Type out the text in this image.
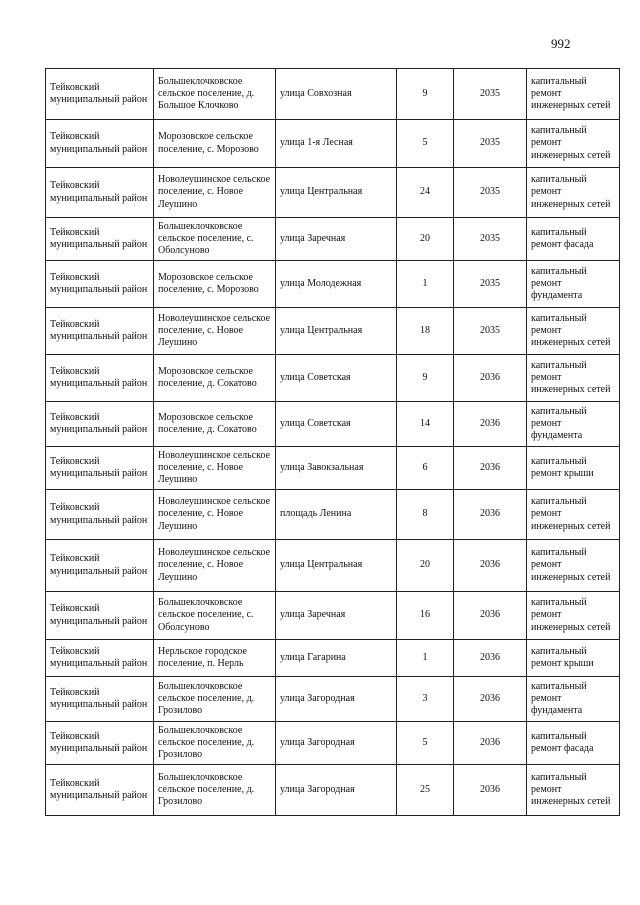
992
Тейковский муниципальный район	Большеклочковское сельское поселение, д. Большое Клочково	улица Совхозная	9	2035	капитальный ремонт инженерных сетей
Тейковский муниципальный район	Морозовское сельское поселение, с. Морозово	улица 1-я Лесная	5	2035	капитальный ремонт инженерных сетей
Тейковский муниципальный район	Новолеушинское сельское поселение, с. Новое Леушино	улица Центральная	24	2035	капитальный ремонт инженерных сетей
Тейковский муниципальный район	Большеклочковское сельское поселение, с. Оболсуново	улица Заречная	20	2035	капитальный ремонт фасада
Тейковский муниципальный район	Морозовское сельское поселение, с. Морозово	улица Молодежная	1	2035	капитальный ремонт фундамента
Тейковский муниципальный район	Новолеушинское сельское поселение, с. Новое Леушино	улица Центральная	18	2035	капитальный ремонт инженерных сетей
Тейковский муниципальный район	Морозовское сельское поселение, д. Сокатово	улица Советская	9	2036	капитальный ремонт инженерных сетей
Тейковский муниципальный район	Морозовское сельское поселение, д. Сокатово	улица Советская	14	2036	капитальный ремонт фундамента
Тейковский муниципальный район	Новолеушинское сельское поселение, с. Новое Леушино	улица Завокзальная	6	2036	капитальный ремонт крыши
Тейковский муниципальный район	Новолеушинское сельское поселение, с. Новое Леушино	площадь Ленина	8	2036	капитальный ремонт инженерных сетей
Тейковский муниципальный район	Новолеушинское сельское поселение, с. Новое Леушино	улица Центральная	20	2036	капитальный ремонт инженерных сетей
Тейковский муниципальный район	Большеклочковское сельское поселение, с. Оболсуново	улица Заречная	16	2036	капитальный ремонт инженерных сетей
Тейковский муниципальный район	Нерльское городское поселение, п. Нерль	улица Гагарина	1	2036	капитальный ремонт крыши
Тейковский муниципальный район	Большеклочковское сельское поселение, д. Грозилово	улица Загородная	3	2036	капитальный ремонт фундамента
Тейковский муниципальный район	Большеклочковское сельское поселение, д. Грозилово	улица Загородная	5	2036	капитальный ремонт фасада
Тейковский муниципальный район	Большеклочковское сельское поселение, д. Грозилово	улица Загородная	25	2036	капитальный ремонт инженерных сетей
